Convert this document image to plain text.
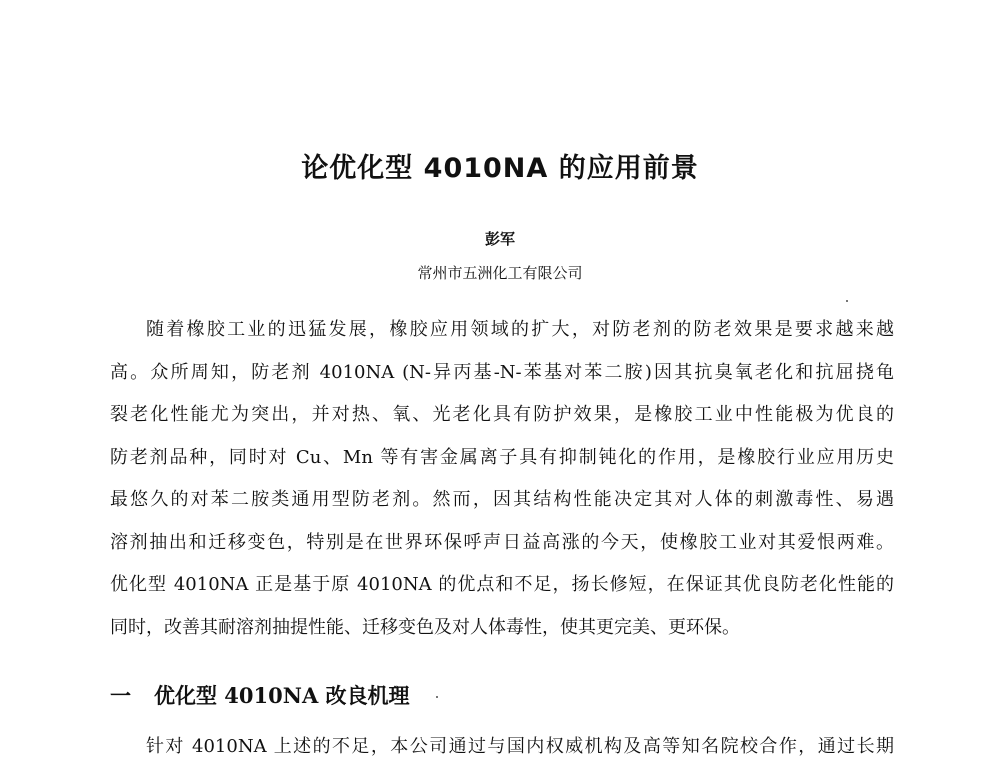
论优化型 4010NA 的应用前景
彭军
常州市五洲化工有限公司
随着橡胶工业的迅猛发展，橡胶应用领域的扩大，对防老剂的防老效果是要求越来越
高。众所周知，防老剂 4010NA (N-异丙基-N-苯基对苯二胺)因其抗臭氧老化和抗屈挠龟
裂老化性能尤为突出，并对热、氧、光老化具有防护效果，是橡胶工业中性能极为优良的
防老剂品种，同时对 Cu、Mn 等有害金属离子具有抑制钝化的作用，是橡胶行业应用历史
最悠久的对苯二胺类通用型防老剂。然而，因其结构性能决定其对人体的刺激毒性、易遇
溶剂抽出和迁移变色，特别是在世界环保呼声日益高涨的今天，使橡胶工业对其爱恨两难。
优化型 4010NA 正是基于原 4010NA 的优点和不足，扬长修短，在保证其优良防老化性能的
同时，改善其耐溶剂抽提性能、迁移变色及对人体毒性，使其更完美、更环保。
一 优化型 4010NA 改良机理
针对 4010NA 上述的不足，本公司通过与国内权威机构及高等知名院校合作，通过长期
